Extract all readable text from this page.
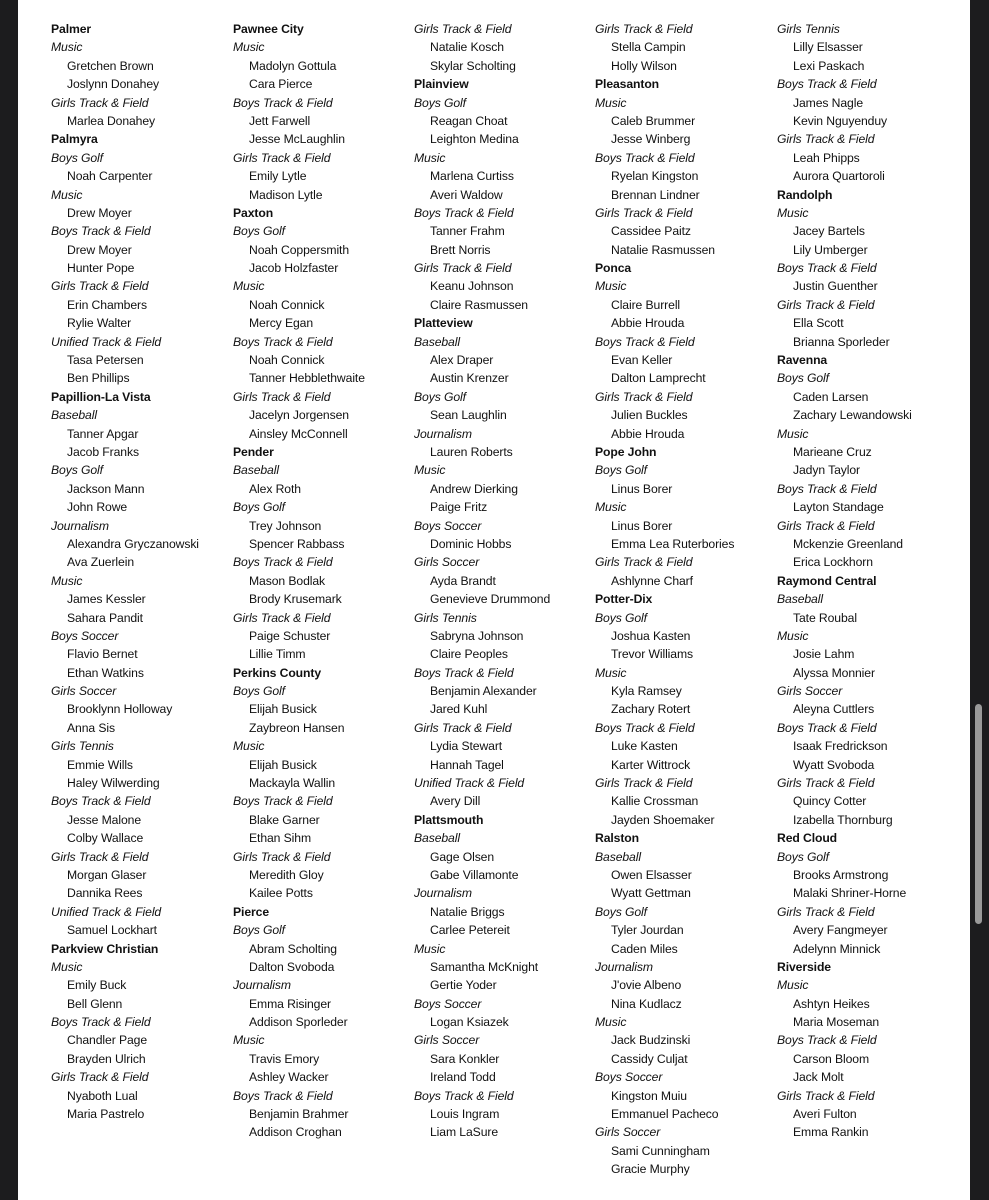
Palmer
Music
Gretchen Brown
Joslynn Donahey
Girls Track & Field
Marlea Donahey
Palmyra
Boys Golf
Noah Carpenter
Music
Drew Moyer
Boys Track & Field
Drew Moyer
Hunter Pope
Girls Track & Field
Erin Chambers
Rylie Walter
Unified Track & Field
Tasa Petersen
Ben Phillips
Papillion-La Vista
Baseball
Tanner Apgar
Jacob Franks
Boys Golf
Jackson Mann
John Rowe
Journalism
Alexandra Gryczanowski
Ava Zuerlein
Music
James Kessler
Sahara Pandit
Boys Soccer
Flavio Bernet
Ethan Watkins
Girls Soccer
Brooklynn Holloway
Anna Sis
Girls Tennis
Emmie Wills
Haley Wilwerding
Boys Track & Field
Jesse Malone
Colby Wallace
Girls Track & Field
Morgan Glaser
Dannika Rees
Unified Track & Field
Samuel Lockhart
Parkview Christian
Music
Emily Buck
Bell Glenn
Boys Track & Field
Chandler Page
Brayden Ulrich
Girls Track & Field
Nyaboth Lual
Maria Pastrelo
Pawnee City
Music
Madolyn Gottula
Cara Pierce
Boys Track & Field
Jett Farwell
Jesse McLaughlin
Girls Track & Field
Emily Lytle
Madison Lytle
Paxton
Boys Golf
Noah Coppersmith
Jacob Holzfaster
Music
Noah Connick
Mercy Egan
Boys Track & Field
Noah Connick
Tanner Hebblethwaite
Girls Track & Field
Jacelyn Jorgensen
Ainsley McConnell
Pender
Baseball
Alex Roth
Boys Golf
Trey Johnson
Spencer Rabbass
Boys Track & Field
Mason Bodlak
Brody Krusemark
Girls Track & Field
Paige Schuster
Lillie Timm
Perkins County
Boys Golf
Elijah Busick
Zaybreon Hansen
Music
Elijah Busick
Mackayla Wallin
Boys Track & Field
Blake Garner
Ethan Sihm
Girls Track & Field
Meredith Gloy
Kailee Potts
Pierce
Boys Golf
Abram Scholting
Dalton Svoboda
Journalism
Emma Risinger
Addison Sporleder
Music
Travis Emory
Ashley Wacker
Boys Track & Field
Benjamin Brahmer
Addison Croghan
Girls Track & Field
Natalie Kosch
Skylar Scholting
Plainview
Boys Golf
Reagan Choat
Leighton Medina
Music
Marlena Curtiss
Averi Waldow
Boys Track & Field
Tanner Frahm
Brett Norris
Girls Track & Field
Keanu Johnson
Claire Rasmussen
Platteview
Baseball
Alex Draper
Austin Krenzer
Boys Golf
Sean Laughlin
Journalism
Lauren Roberts
Music
Andrew Dierking
Paige Fritz
Boys Soccer
Dominic Hobbs
Girls Soccer
Ayda Brandt
Genevieve Drummond
Girls Tennis
Sabryna Johnson
Claire Peoples
Boys Track & Field
Benjamin Alexander
Jared Kuhl
Girls Track & Field
Lydia Stewart
Hannah Tagel
Unified Track & Field
Avery Dill
Plattsmouth
Baseball
Gage Olsen
Gabe Villamonte
Journalism
Natalie Briggs
Carlee Petereit
Music
Samantha McKnight
Gertie Yoder
Boys Soccer
Logan Ksiazek
Girls Soccer
Sara Konkler
Ireland Todd
Boys Track & Field
Louis Ingram
Liam LaSure
Girls Track & Field
Stella Campin
Holly Wilson
Pleasanton
Music
Caleb Brummer
Jesse Winberg
Boys Track & Field
Ryelan Kingston
Brennan Lindner
Girls Track & Field
Cassidee Paitz
Natalie Rasmussen
Ponca
Music
Claire Burrell
Abbie Hrouda
Boys Track & Field
Evan Keller
Dalton Lamprecht
Girls Track & Field
Julien Buckles
Abbie Hrouda
Pope John
Boys Golf
Linus Borer
Music
Linus Borer
Emma Lea Ruterbories
Girls Track & Field
Ashlynne Charf
Potter-Dix
Boys Golf
Joshua Kasten
Trevor Williams
Music
Kyla Ramsey
Zachary Rotert
Boys Track & Field
Luke Kasten
Karter Wittrock
Girls Track & Field
Kallie Crossman
Jayden Shoemaker
Ralston
Baseball
Owen Elsasser
Wyatt Gettman
Boys Golf
Tyler Jourdan
Caden Miles
Journalism
J'ovie Albeno
Nina Kudlacz
Music
Jack Budzinski
Cassidy Culjat
Boys Soccer
Kingston Muiu
Emmanuel Pacheco
Girls Soccer
Sami Cunningham
Gracie Murphy
Girls Tennis
Lilly Elsasser
Lexi Paskach
Boys Track & Field
James Nagle
Kevin Nguyenduy
Girls Track & Field
Leah Phipps
Aurora Quartoroli
Randolph
Music
Jacey Bartels
Lily Umberger
Boys Track & Field
Justin Guenther
Girls Track & Field
Ella Scott
Brianna Sporleder
Ravenna
Boys Golf
Caden Larsen
Zachary Lewandowski
Music
Marieane Cruz
Jadyn Taylor
Boys Track & Field
Layton Standage
Girls Track & Field
Mckenzie Greenland
Erica Lockhorn
Raymond Central
Baseball
Tate Roubal
Music
Josie Lahm
Alyssa Monnier
Girls Soccer
Aleyna Cuttlers
Boys Track & Field
Isaak Fredrickson
Wyatt Svoboda
Girls Track & Field
Quincy Cotter
Izabella Thornburg
Red Cloud
Boys Golf
Brooks Armstrong
Malaki Shriner-Horne
Girls Track & Field
Avery Fangmeyer
Adelynn Minnick
Riverside
Music
Ashtyn Heikes
Maria Moseman
Boys Track & Field
Carson Bloom
Jack Molt
Girls Track & Field
Averi Fulton
Emma Rankin
